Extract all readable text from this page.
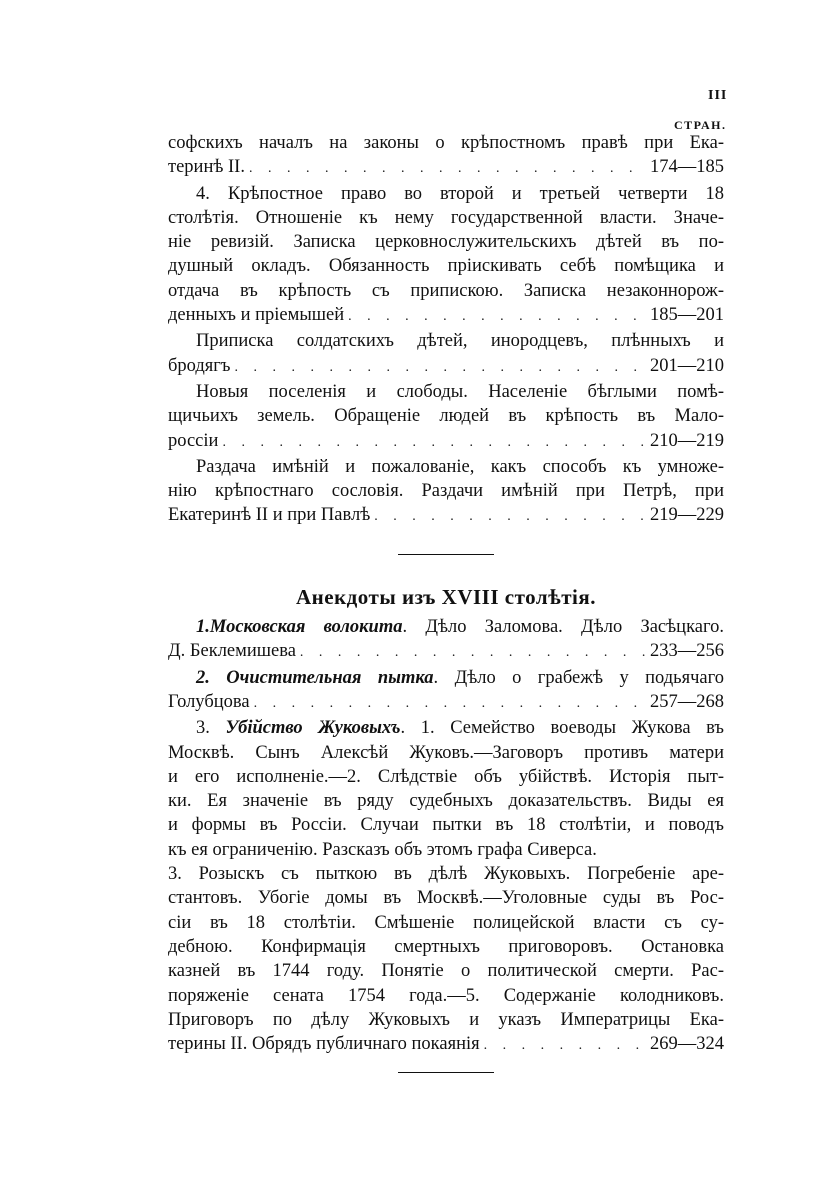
III
СТРАН.
софскихъ началъ на законы о крѣпостномъ правѣ при Ека-
теринѣ II. . . .	174—185
4. Крѣпостное право во второй и третьей четверти 18
столѣтія. Отношеніе къ нему государственной власти. Значе-
ніе ревизій. Записка церковнослужительскихъ дѣтей въ по-
душный окладъ. Обязанность пріискивать себѣ помѣщика и
отдача въ крѣпость съ припискою. Записка незаконнорож-
денныхъ и пріемышей . . .	185—201
Приписка солдатскихъ дѣтей, инородцевъ, плѣнныхъ и
бродягъ . . .	201—210
Новыя поселенія и слободы. Населеніе бѣглыми помѣ-
щичьихъ земель. Обращеніе людей въ крѣпость въ Мало-
россіи . . .	210—219
Раздача имѣній и пожалованіе, какъ способъ къ умноже-
нію крѣпостнаго сословія. Раздачи имѣній при Петрѣ, при
Екатеринѣ II и при Павлѣ . . .	219—229
Анекдоты изъ XVIII столѣтія.
1.Московская волокита. Дѣло Заломова. Дѣло Засѣцкаго.
Д. Беклемишева . . .	233—256
2. Очистительная пытка. Дѣло о грабежѣ у подьячаго
Голубцова . . .	257—268
3. Убійство Жуковыхъ. 1. Семейство воеводы Жукова въ
Москвѣ. Сынъ Алексѣй Жуковъ.—Заговоръ противъ матери
и его исполненіе.—2. Слѣдствіе объ убійствѣ. Исторія пыт-
ки. Ея значеніе въ ряду судебныхъ доказательствъ. Виды ея
и формы въ Россіи. Случаи пытки въ 18 столѣтіи, и поводъ
къ ея ограниченію. Разсказъ объ этомъ графа Сиверса.
3. Розыскъ съ пыткою въ дѣлѣ Жуковыхъ. Погребеніе аре-
стантовъ. Убогіе домы въ Москвѣ.—Уголовные суды въ Рос-
сіи въ 18 столѣтіи. Смѣшеніе полицейской власти съ су-
дебною. Конфирмація смертныхъ приговоровъ. Остановка
казней въ 1744 году. Понятіе о политической смерти. Рас-
поряженіе сената 1754 года.—5. Содержаніе колодниковъ.
Приговоръ по дѣлу Жуковыхъ и указъ Императрицы Ека-
терины II. Обрядъ публичнаго покаянія . . .	269—324
